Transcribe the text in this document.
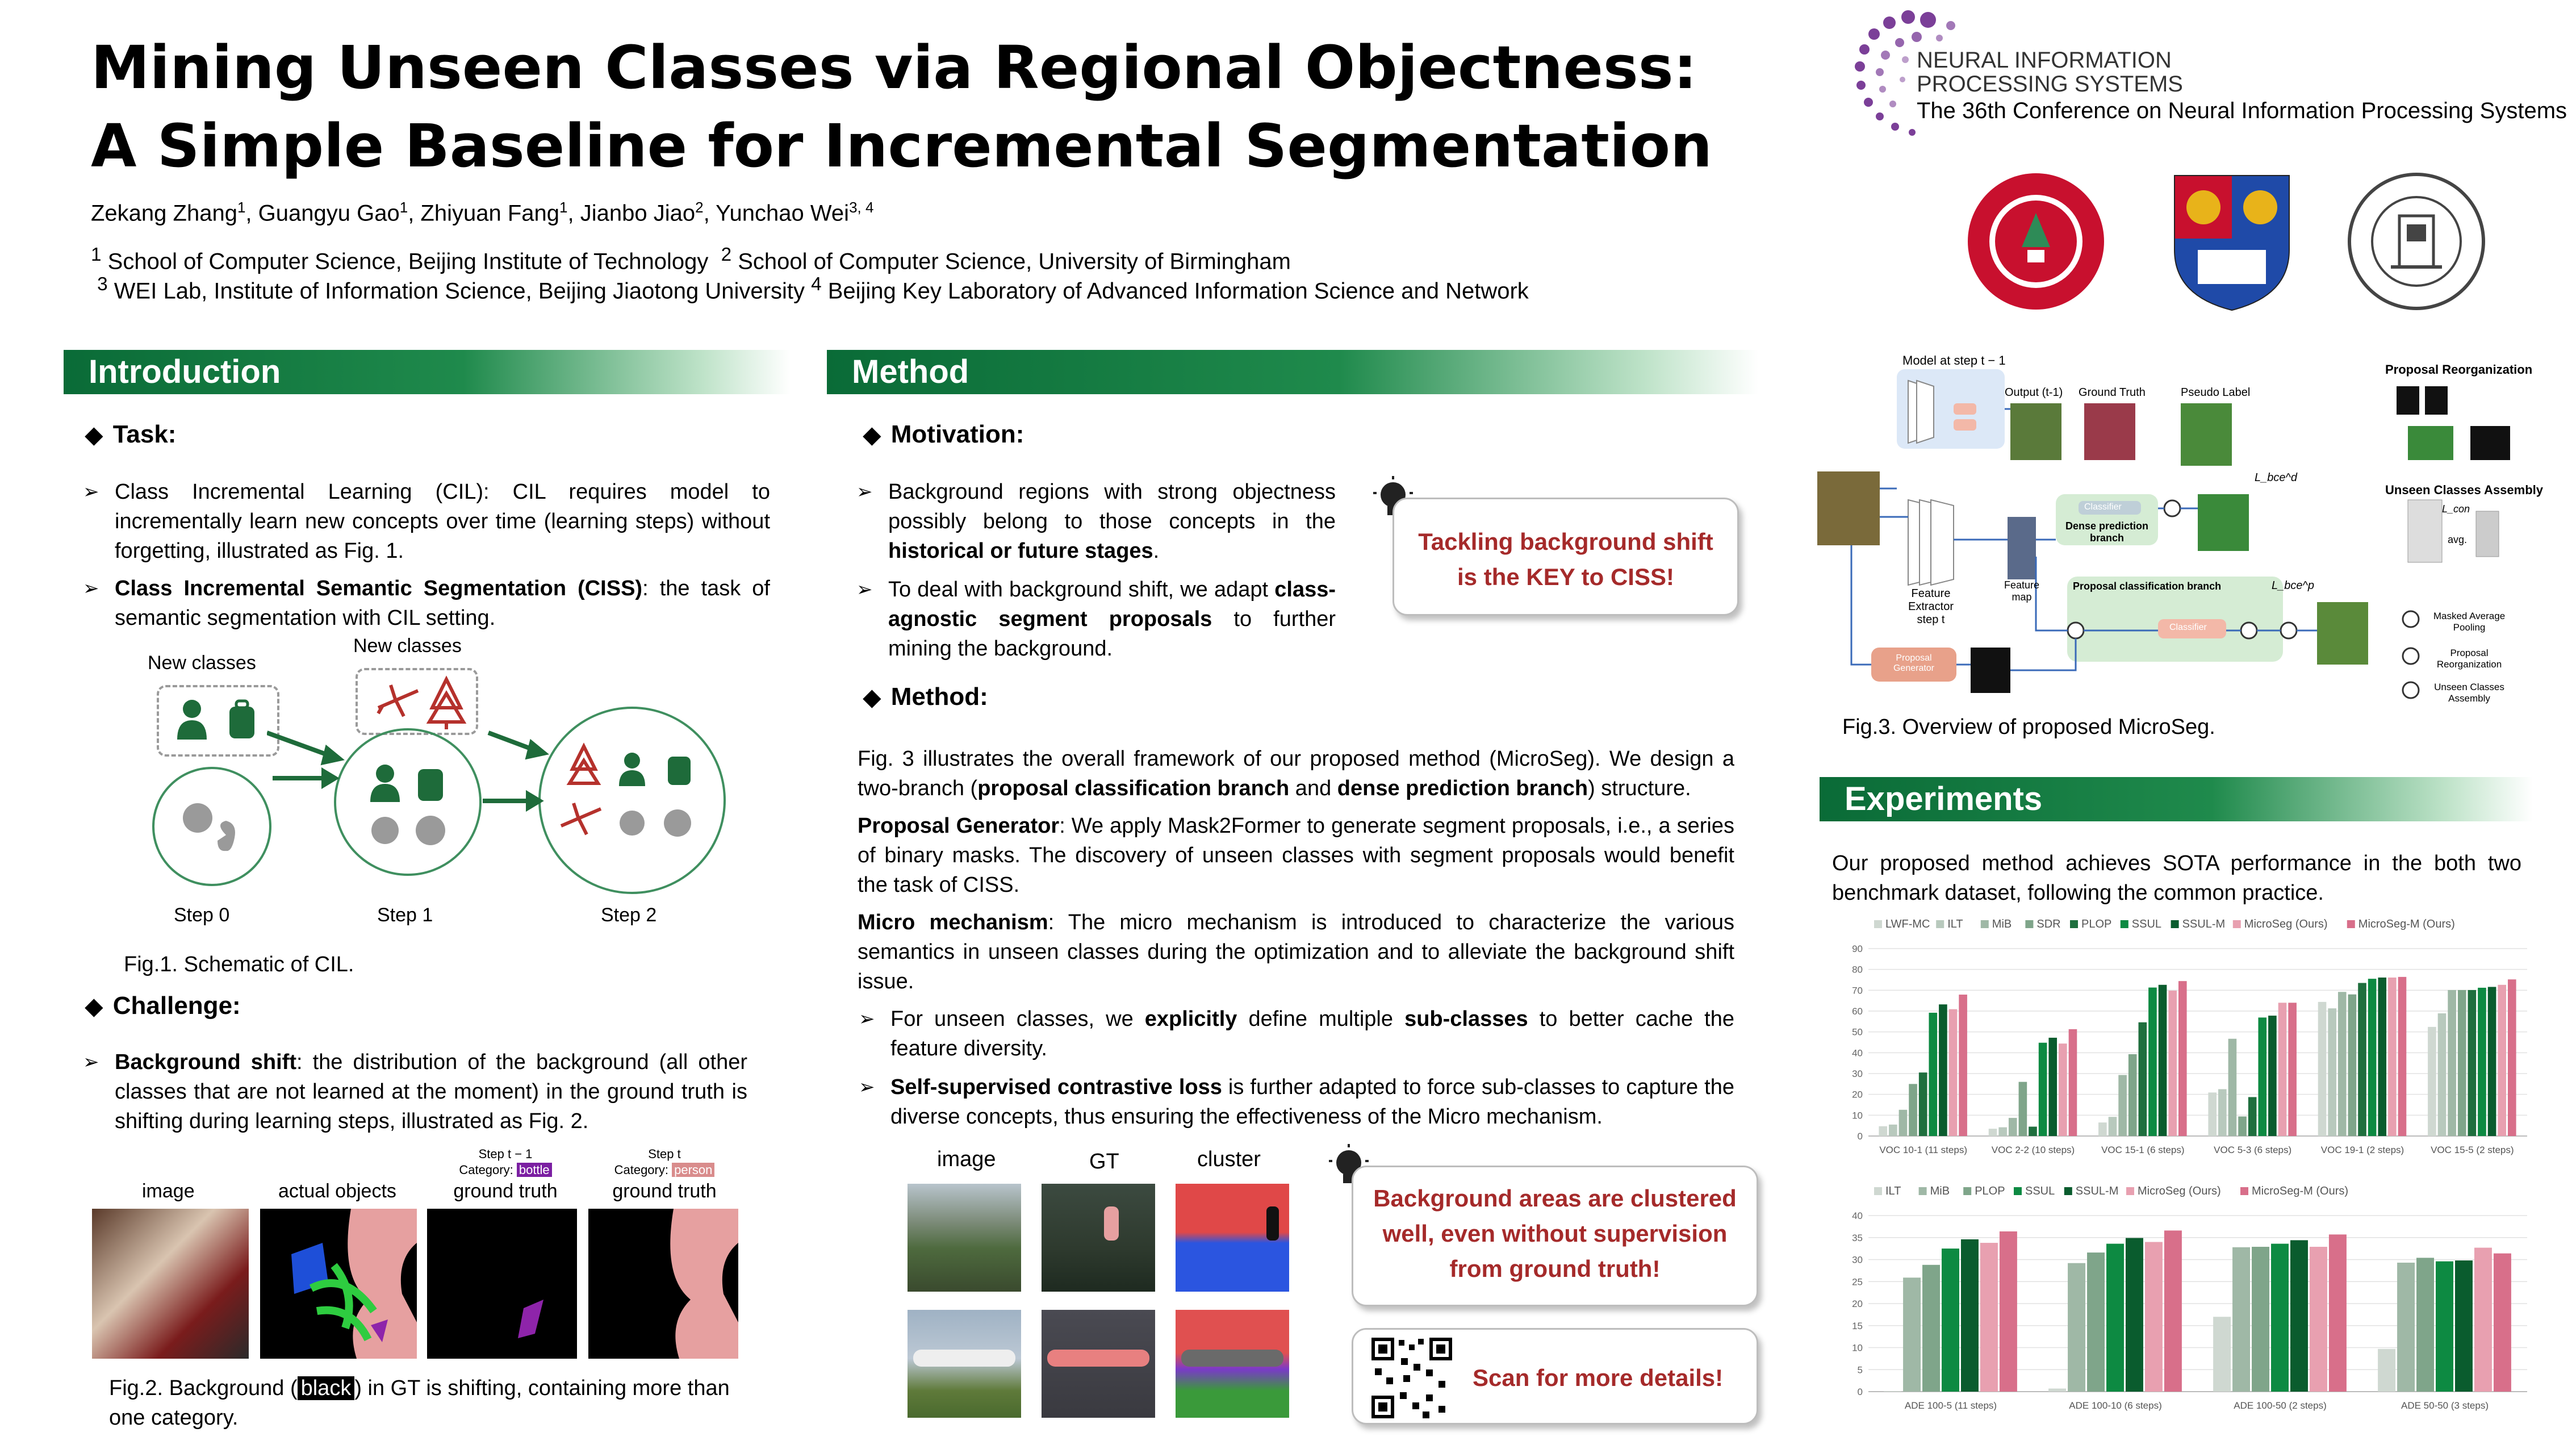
Mining Unseen Classes via Regional Objectness:
A Simple Baseline for Incremental Segmentation
Zekang Zhang$^1$, Guangyu Gao$^1$, Zhiyuan Fang$^1$, Jianbo Jiao$^2$, Yunchao Wei$^{3, 4}$
$^1$ School of Computer Science, Beijing Institute of Technology $^2$ School of Computer Science, University of Birmingham
$^3$ WEI Lab, Institute of Information Science, Beijing Jiaotong University $^4$ Beijing Key Laboratory of Advanced Information Science and Network
NEURAL INFORMATION
PROCESSING SYSTEMS
The 36th Conference on Neural Information Processing Systems
Introduction
◆ Task:
➢ Class Incremental Learning (CIL): CIL requires model to incrementally learn new concepts over time (learning steps) without forgetting, illustrated as Fig. 1.
➢ Class Incremental Semantic Segmentation (CISS): the task of semantic segmentation with CIL setting.
New classes
New classes
Step 0	Step 1	Step 2
Fig.1. Schematic of CIL.
◆ Challenge:
➢ Background shift: the distribution of the background (all other classes that are not learned at the moment) in the ground truth is shifting during learning steps, illustrated as Fig. 2.
image	actual objects
Step t − 1
Category: bottle
ground truth
Step t
Category: person
ground truth
Fig.2. Background ( black ) in GT is shifting, containing more than one category.
Method
◆ Motivation:
➢ Background regions with strong objectness possibly belong to those concepts in the historical or future stages.
➢ To deal with background shift, we adapt class-agnostic segment proposals to further mining the background.
Tackling background shift is the KEY to CISS!
◆ Method:
Fig. 3 illustrates the overall framework of our proposed method (MicroSeg). We design a two-branch (proposal classification branch and dense prediction branch) structure.
Proposal Generator: We apply Mask2Former to generate segment proposals, i.e., a series of binary masks. The discovery of unseen classes with segment proposals would benefit the task of CISS.
Micro mechanism: The micro mechanism is introduced to characterize the various semantics in unseen classes during the optimization and to alleviate the background shift issue.
➢ For unseen classes, we explicitly define multiple sub-classes to better cache the feature diversity.
➢ Self-supervised contrastive loss is further adapted to force sub-classes to capture the diverse concepts, thus ensuring the effectiveness of the Micro mechanism.
image	GT	cluster
Background areas are clustered well, even without supervision from ground truth!
Scan for more details!
Model at step t − 1
Output (t-1) Ground Truth	Pseudo Label
Proposal Reorganization
Unseen Classes Assembly
L_con
avg.
Feature Extractor
step t
Feature map
Classifier
Dense prediction branch
Proposal classification branch
Classifier
Proposal Generator
L_bce^d
L_bce^p
Masked Average Pooling
Proposal Reorganization
Unseen Classes Assembly
Fig.3. Overview of proposed MicroSeg.
Experiments
Our proposed method achieves SOTA performance in the both two benchmark dataset, following the common practice.
LWF-MC ILT	MiB SDR PLOP SSUL SSUL-M MicroSeg (Ours)	MicroSeg-M (Ours)
0
10
20
30
40
50
60
70
80
90
VOC 10-1 (11 steps)	VOC 2-2 (10 steps)	VOC 15-1 (6 steps)	VOC 5-3 (6 steps)	VOC 19-1 (2 steps)	VOC 15-5 (2 steps)
ILT	MiB PLOP SSUL SSUL-M MicroSeg (Ours)	MicroSeg-M (Ours)
0
5
10
15
20
25
30
35
40
ADE 100-5 (11 steps)	ADE 100-10 (6 steps)	ADE 100-50 (2 steps)	ADE 50-50 (3 steps)
